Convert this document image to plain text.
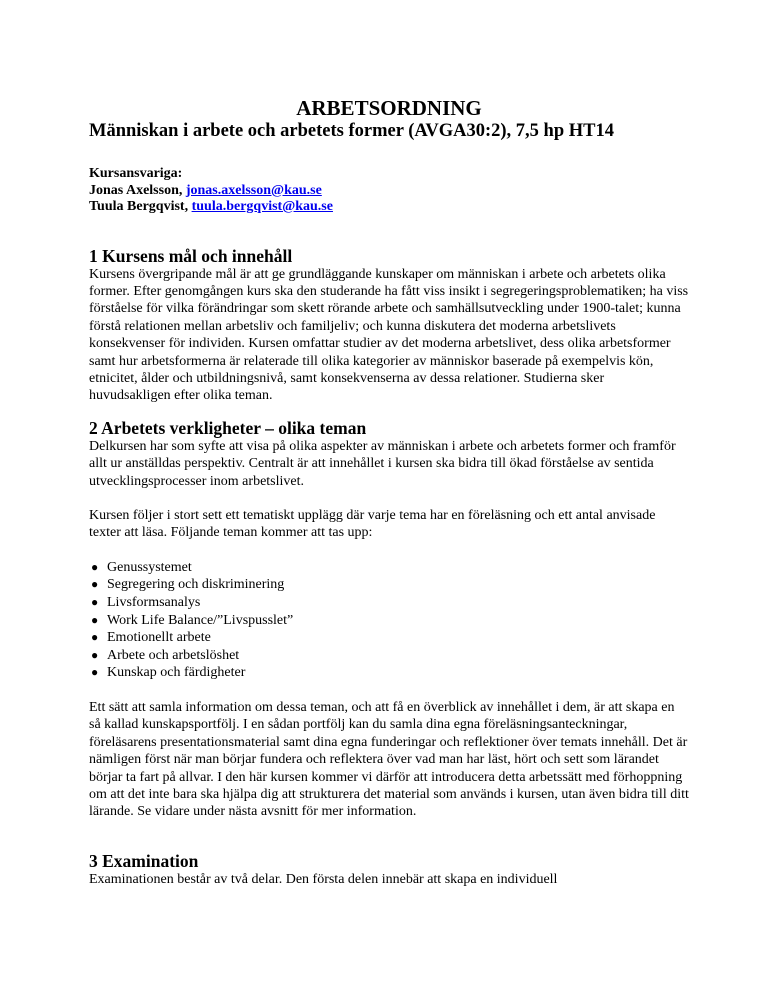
ARBETSORDNING
Människan i arbete och arbetets former (AVGA30:2), 7,5 hp HT14
Kursansvariga:
Jonas Axelsson, jonas.axelsson@kau.se
Tuula Bergqvist, tuula.bergqvist@kau.se
1 Kursens mål och innehåll

Kursens övergripande mål är att ge grundläggande kunskaper om människan i arbete och arbetets olika former. Efter genomgången kurs ska den studerande ha fått viss insikt i segregeringsproblematiken; ha viss förståelse för vilka förändringar som skett rörande arbete och samhällsutveckling under 1900-talet; kunna förstå relationen mellan arbetsliv och familjeliv; och kunna diskutera det moderna arbetslivets konsekvenser för individen. Kursen omfattar studier av det moderna arbetslivet, dess olika arbetsformer samt hur arbetsformerna är relaterade till olika kategorier av människor baserade på exempelvis kön, etnicitet, ålder och utbildningsnivå, samt konsekvenserna av dessa relationer. Studierna sker huvudsakligen efter olika teman.

2 Arbetets verkligheter – olika teman

Delkursen har som syfte att visa på olika aspekter av människan i arbete och arbetets former och framför allt ur anställdas perspektiv. Centralt är att innehållet i kursen ska bidra till ökad förståelse av sentida utvecklingsprocesser inom arbetslivet.

Kursen följer i stort sett ett tematiskt upplägg där varje tema har en föreläsning och ett antal anvisade texter att läsa. Följande teman kommer att tas upp:

● Genussystemet
● Segregering och diskriminering
● Livsformsanalys
● Work Life Balance/”Livspusslet”
● Emotionellt arbete
● Arbete och arbetslöshet
● Kunskap och färdigheter

Ett sätt att samla information om dessa teman, och att få en överblick av innehållet i dem, är att skapa en så kallad kunskapsportfölj. I en sådan portfölj kan du samla dina egna föreläsningsanteckningar, föreläsarens presentationsmaterial samt dina egna funderingar och reflektioner över temats innehåll. Det är nämligen först när man börjar fundera och reflektera över vad man har läst, hört och sett som lärandet börjar ta fart på allvar. I den här kursen kommer vi därför att introducera detta arbetssätt med förhoppning om att det inte bara ska hjälpa dig att strukturera det material som används i kursen, utan även bidra till ditt lärande. Se vidare under nästa avsnitt för mer information.

3 Examination

Examinationen består av två delar. Den första delen innebär att skapa en individuell
